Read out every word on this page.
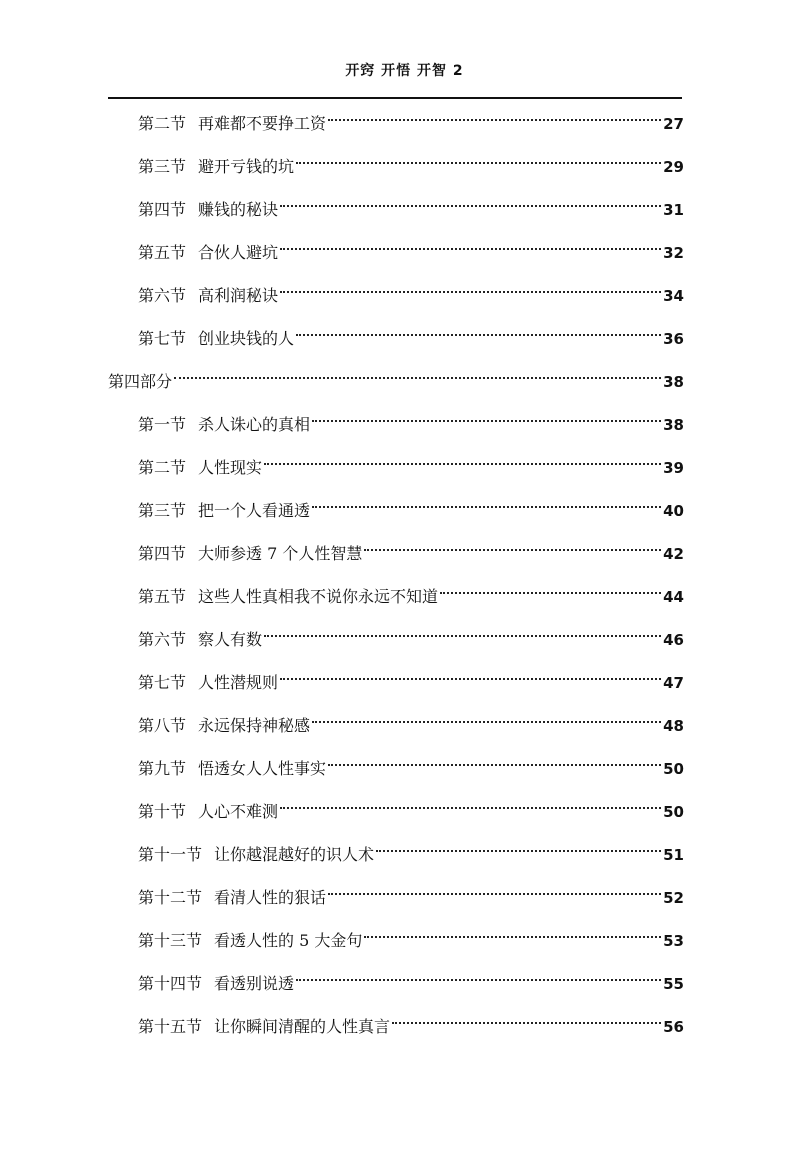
开窍 开悟 开智 2
第二节 再难都不要挣工资	27
第三节 避开亏钱的坑	29
第四节 赚钱的秘诀	31
第五节 合伙人避坑	32
第六节 高利润秘诀	34
第七节 创业块钱的人	36
第四部分	38
第一节 杀人诛心的真相	38
第二节 人性现实	39
第三节 把一个人看通透	40
第四节 大师参透 7 个人性智慧	42
第五节 这些人性真相我不说你永远不知道	44
第六节 察人有数	46
第七节 人性潜规则	47
第八节 永远保持神秘感	48
第九节 悟透女人人性事实	50
第十节 人心不难测	50
第十一节 让你越混越好的识人术	51
第十二节 看清人性的狠话	52
第十三节 看透人性的 5 大金句	53
第十四节 看透别说透	55
第十五节 让你瞬间清醒的人性真言	56
